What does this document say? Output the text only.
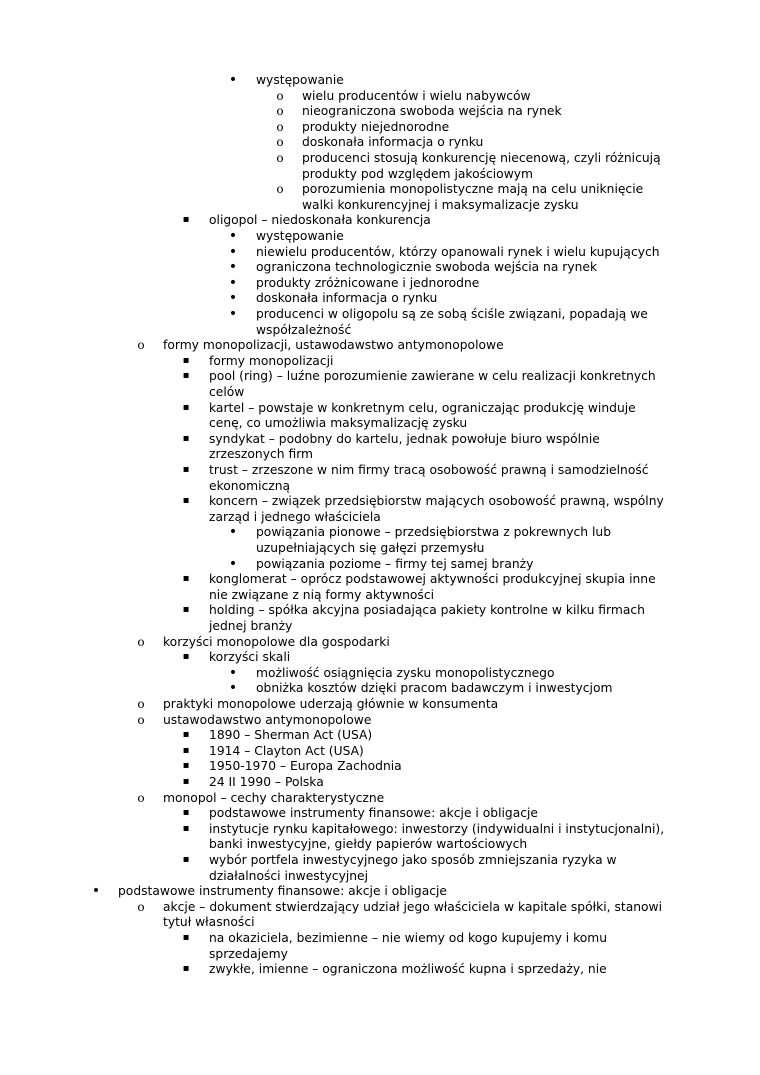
• występowanie
o wielu producentów i wielu nabywców
o nieograniczona swoboda wejścia na rynek
o produkty niejednorodne
o doskonała informacja o rynku
o producenci stosują konkurencję niecenową, czyli różnicują
produkty pod względem jakościowym
o porozumienia monopolistyczne mają na celu uniknięcie
walki konkurencyjnej i maksymalizacje zysku
▪ oligopol – niedoskonała konkurencja
• występowanie
• niewielu producentów, którzy opanowali rynek i wielu kupujących
• ograniczona technologicznie swoboda wejścia na rynek
• produkty zróżnicowane i jednorodne
• doskonała informacja o rynku
• producenci w oligopolu są ze sobą ściśle związani, popadają we
współzależność
o formy monopolizacji, ustawodawstwo antymonopolowe
▪ formy monopolizacji
▪ pool (ring) – luźne porozumienie zawierane w celu realizacji konkretnych
celów
▪ kartel – powstaje w konkretnym celu, ograniczając produkcję winduje
cenę, co umożliwia maksymalizację zysku
▪ syndykat – podobny do kartelu, jednak powołuje biuro wspólnie
zrzeszonych firm
▪ trust – zrzeszone w nim firmy tracą osobowość prawną i samodzielność
ekonomiczną
▪ koncern – związek przedsiębiorstw mających osobowość prawną, wspólny
zarząd i jednego właściciela
• powiązania pionowe – przedsiębiorstwa z pokrewnych lub
uzupełniających się gałęzi przemysłu
• powiązania poziome – firmy tej samej branży
▪ konglomerat – oprócz podstawowej aktywności produkcyjnej skupia inne
nie związane z nią formy aktywności
▪ holding – spółka akcyjna posiadająca pakiety kontrolne w kilku firmach
jednej branży
o korzyści monopolowe dla gospodarki
▪ korzyści skali
• możliwość osiągnięcia zysku monopolistycznego
• obniżka kosztów dzięki pracom badawczym i inwestycjom
o praktyki monopolowe uderzają głównie w konsumenta
o ustawodawstwo antymonopolowe
▪ 1890 – Sherman Act (USA)
▪ 1914 – Clayton Act (USA)
▪ 1950-1970 – Europa Zachodnia
▪ 24 II 1990 – Polska
o monopol – cechy charakterystyczne
▪ podstawowe instrumenty finansowe: akcje i obligacje
▪ instytucje rynku kapitałowego: inwestorzy (indywidualni i instytucjonalni),
banki inwestycyjne, giełdy papierów wartościowych
▪ wybór portfela inwestycyjnego jako sposób zmniejszania ryzyka w
działalności inwestycyjnej
• podstawowe instrumenty finansowe: akcje i obligacje
o akcje – dokument stwierdzający udział jego właściciela w kapitale spółki, stanowi
tytuł własności
▪ na okaziciela, bezimienne – nie wiemy od kogo kupujemy i komu
sprzedajemy
▪ zwykłe, imienne – ograniczona możliwość kupna i sprzedaży, nie
